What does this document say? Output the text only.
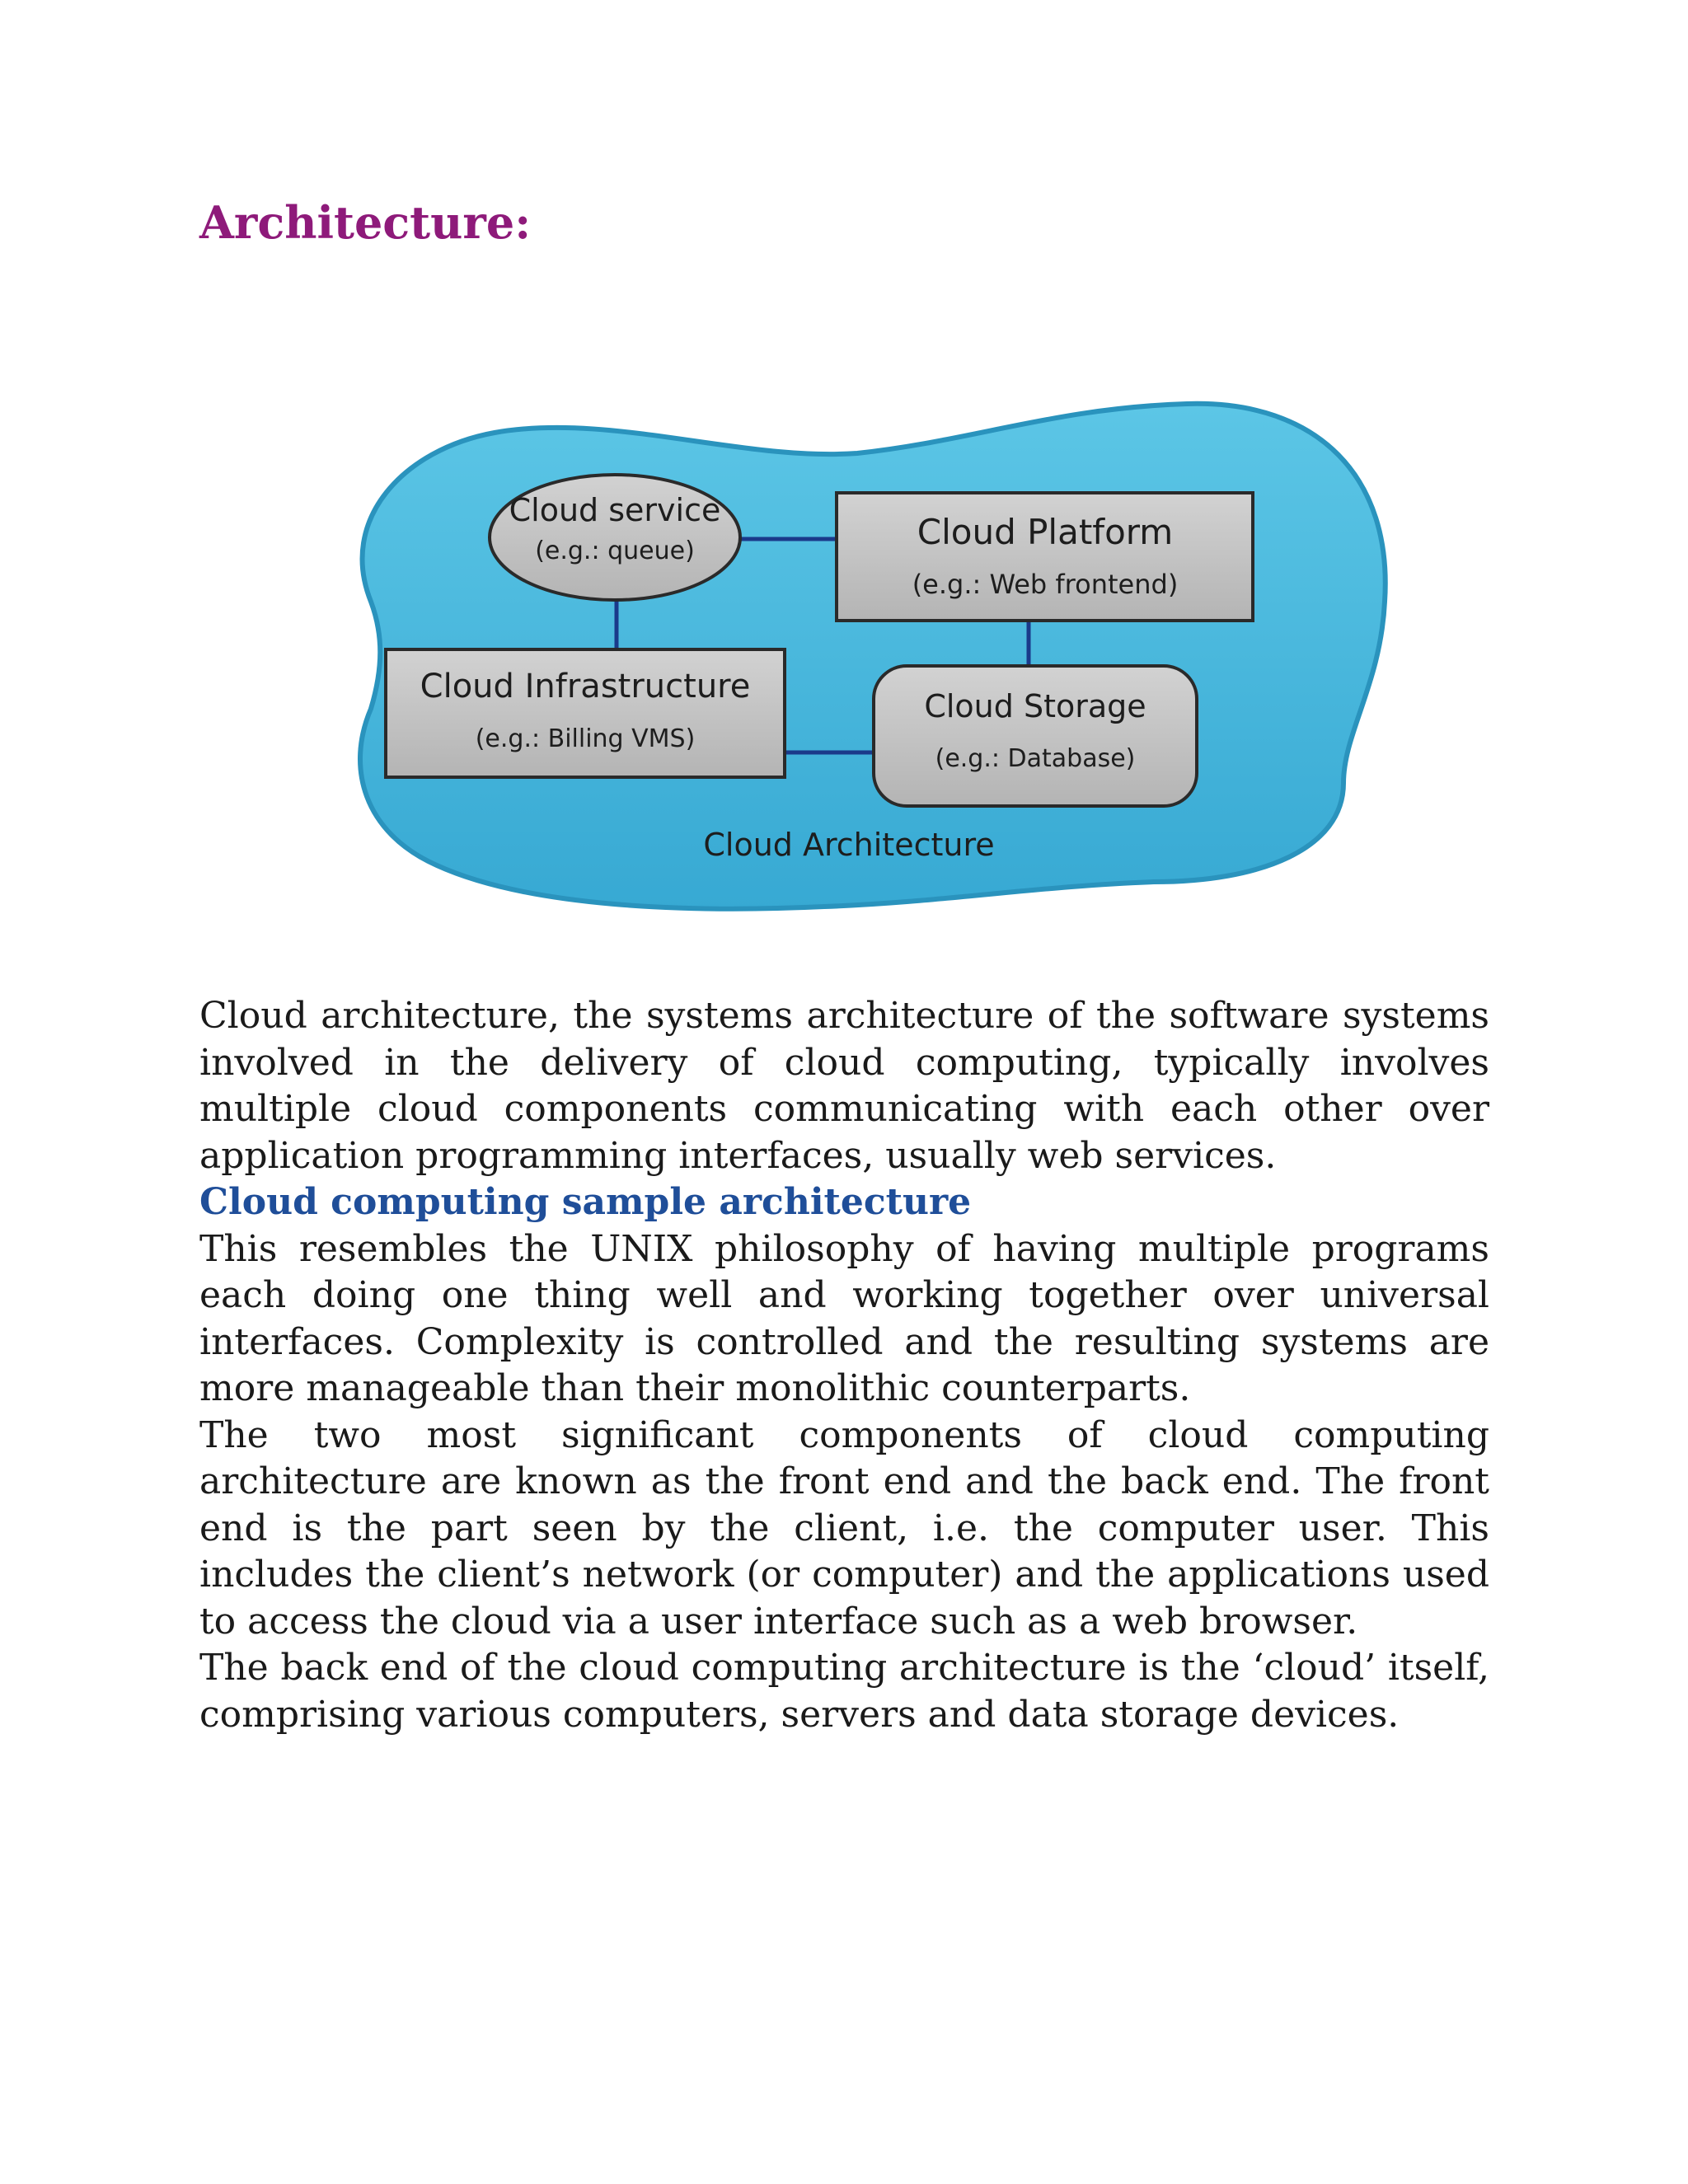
Architecture:
Cloud service
(e.g.: queue)	Cloud Platform
(e.g.: Web frontend)
Cloud Infrastructure
(e.g.: Billing VMS)
Cloud Storage
(e.g.: Database)
Cloud Architecture

Cloud architecture, the systems architecture of the software systems involved in the delivery of cloud computing, typically involves multiple cloud components communicating with each other over application programming interfaces, usually web services.

Cloud computing sample architecture

This resembles the UNIX philosophy of having multiple programs each doing one thing well and working together over universal interfaces. Complexity is controlled and the resulting systems are more manageable than their monolithic counterparts.

The two most significant components of cloud computing architecture are known as the front end and the back end. The front end is the part seen by the client, i.e. the computer user. This includes the client’s network (or computer) and the applications used to access the cloud via a user interface such as a web browser.

The back end of the cloud computing architecture is the ‘cloud’ itself, comprising various computers, servers and data storage devices.
